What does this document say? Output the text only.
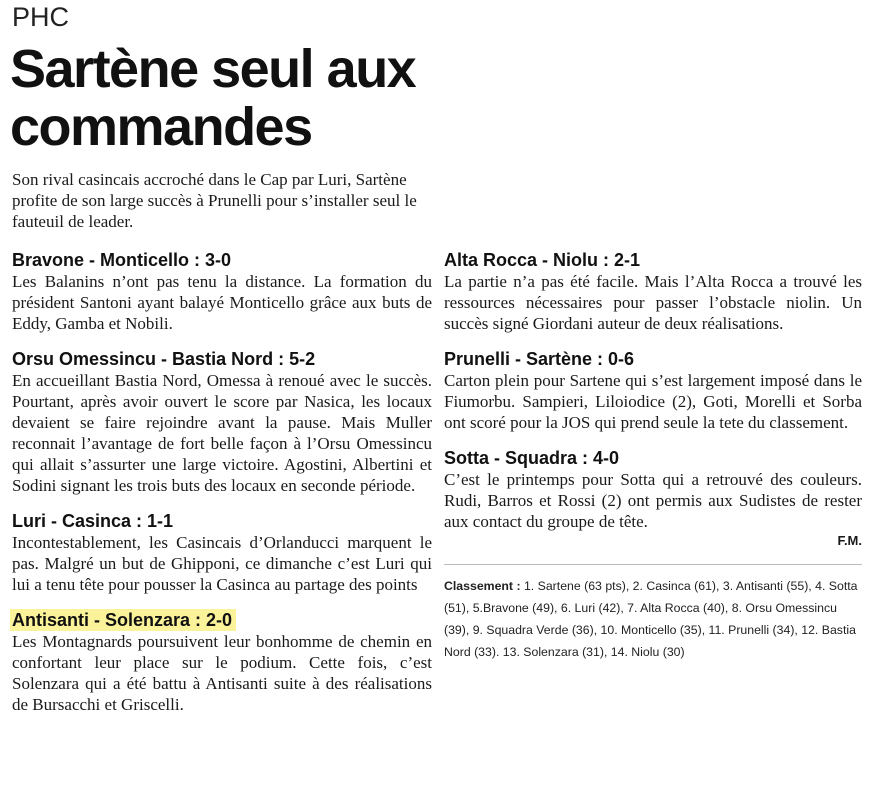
PHC
Sartène seul aux commandes

Son rival casincais accroché dans le Cap par Luri, Sartène profite de son large succès à Prunelli pour s’installer seul le fauteuil de leader.

Bravone - Monticello : 3-0

Les Balanins n’ont pas tenu la distance. La formation du président Santoni ayant balayé Monticello grâce aux buts de Eddy, Gamba et Nobili.

Orsu Omessincu - Bastia Nord : 5-2

En accueillant Bastia Nord, Omessa à renoué avec le succès. Pourtant, après avoir ouvert le score par Nasica, les locaux devaient se faire rejoindre avant la pause. Mais Muller reconnait l’avantage de fort belle façon à l’Orsu Omessincu qui allait s’assurter une large victoire. Agostini, Albertini et Sodini signant les trois buts des locaux en seconde période.

Luri - Casinca : 1-1

Incontestablement, les Casincais d’Orlanducci marquent le pas. Malgré un but de Ghipponi, ce dimanche c’est Luri qui lui a tenu tête pour pousser la Casinca au partage des points

Antisanti - Solenzara : 2-0

Les Montagnards poursuivent leur bonhomme de chemin en confortant leur place sur le podium. Cette fois, c’est Solenzara qui a été battu à Antisanti suite à des réalisations de Bursacchi et Griscelli.

Alta Rocca - Niolu : 2-1

La partie n’a pas été facile. Mais l’Alta Rocca a trouvé les ressources nécessaires pour passer l’obstacle niolin. Un succès signé Giordani auteur de deux réalisations.

Prunelli - Sartène : 0-6

Carton plein pour Sartene qui s’est largement imposé dans le Fiumorbu. Sampieri, Liloiodice (2), Goti, Morelli et Sorba ont scoré pour la JOS qui prend seule la tete du classement.

Sotta - Squadra : 4-0

C’est le printemps pour Sotta qui a retrouvé des couleurs. Rudi, Barros et Rossi (2) ont permis aux Sudistes de rester aux contact du groupe de tête.

F.M.

Classement : 1. Sartene (63 pts), 2. Casinca (61), 3. Antisanti (55), 4. Sotta (51), 5.Bravone (49), 6. Luri (42), 7. Alta Rocca (40), 8. Orsu Omessincu (39), 9. Squadra Verde (36), 10. Monticello (35), 11. Prunelli (34), 12. Bastia Nord (33). 13. Solenzara (31), 14. Niolu (30)
